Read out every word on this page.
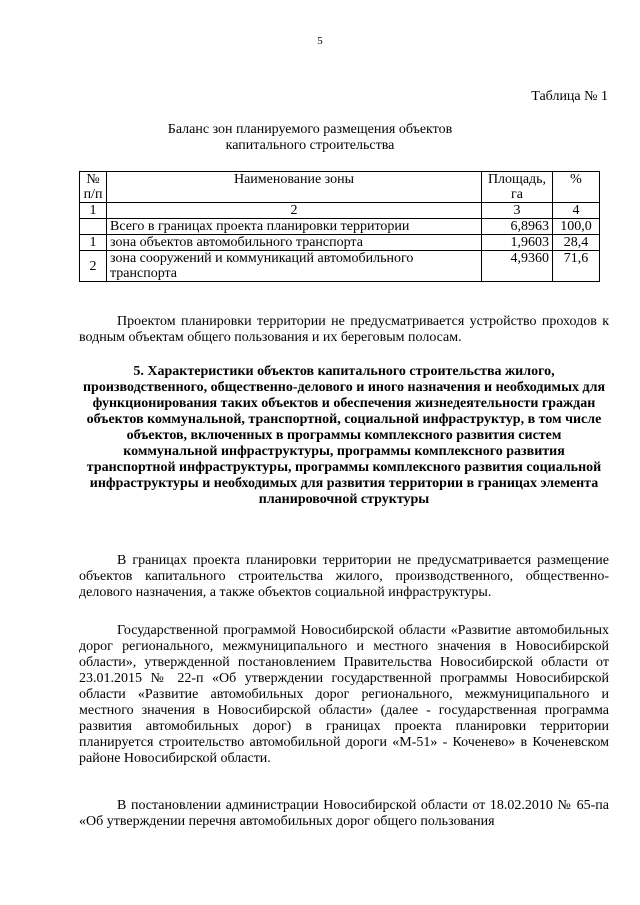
5
Таблица № 1
Баланс зон планируемого размещения объектов капитального строительства
№ п/п	Наименование зоны	Площадь, га	%
1	2	3	4
	Всего в границах проекта планировки территории	6,8963	100,0
1	зона объектов автомобильного транспорта	1,9603	28,4
2	зона сооружений и коммуникаций автомобильного транспорта	4,9360	71,6
Проектом планировки территории не предусматривается устройство проходов к водным объектам общего пользования и их береговым полосам.
5. Характеристики объектов капитального строительства жилого, производственного, общественно-делового и иного назначения и необходимых для функционирования таких объектов и обеспечения жизнедеятельности граждан объектов коммунальной, транспортной, социальной инфраструктур, в том числе объектов, включенных в программы комплексного развития систем коммунальной инфраструктуры, программы комплексного развития транспортной инфраструктуры, программы комплексного развития социальной инфраструктуры и необходимых для развития территории в границах элемента планировочной структуры
В границах проекта планировки территории не предусматривается размещение объектов капитального строительства жилого, производственного, общественно-делового назначения, а также объектов социальной инфраструктуры.
Государственной программой Новосибирской области «Развитие автомобильных дорог регионального, межмуниципального и местного значения в Новосибирской области», утвержденной постановлением Правительства Новосибирской области от 23.01.2015 № 22-п «Об утверждении государственной программы Новосибирской области «Развитие автомобильных дорог регионального, межмуниципального и местного значения в Новосибирской области» (далее - государственная программа развития автомобильных дорог) в границах проекта планировки территории планируется строительство автомобильной дороги «М-51» - Коченево» в Коченевском районе Новосибирской области.
В постановлении администрации Новосибирской области от 18.02.2010 № 65-па «Об утверждении перечня автомобильных дорог общего пользования
